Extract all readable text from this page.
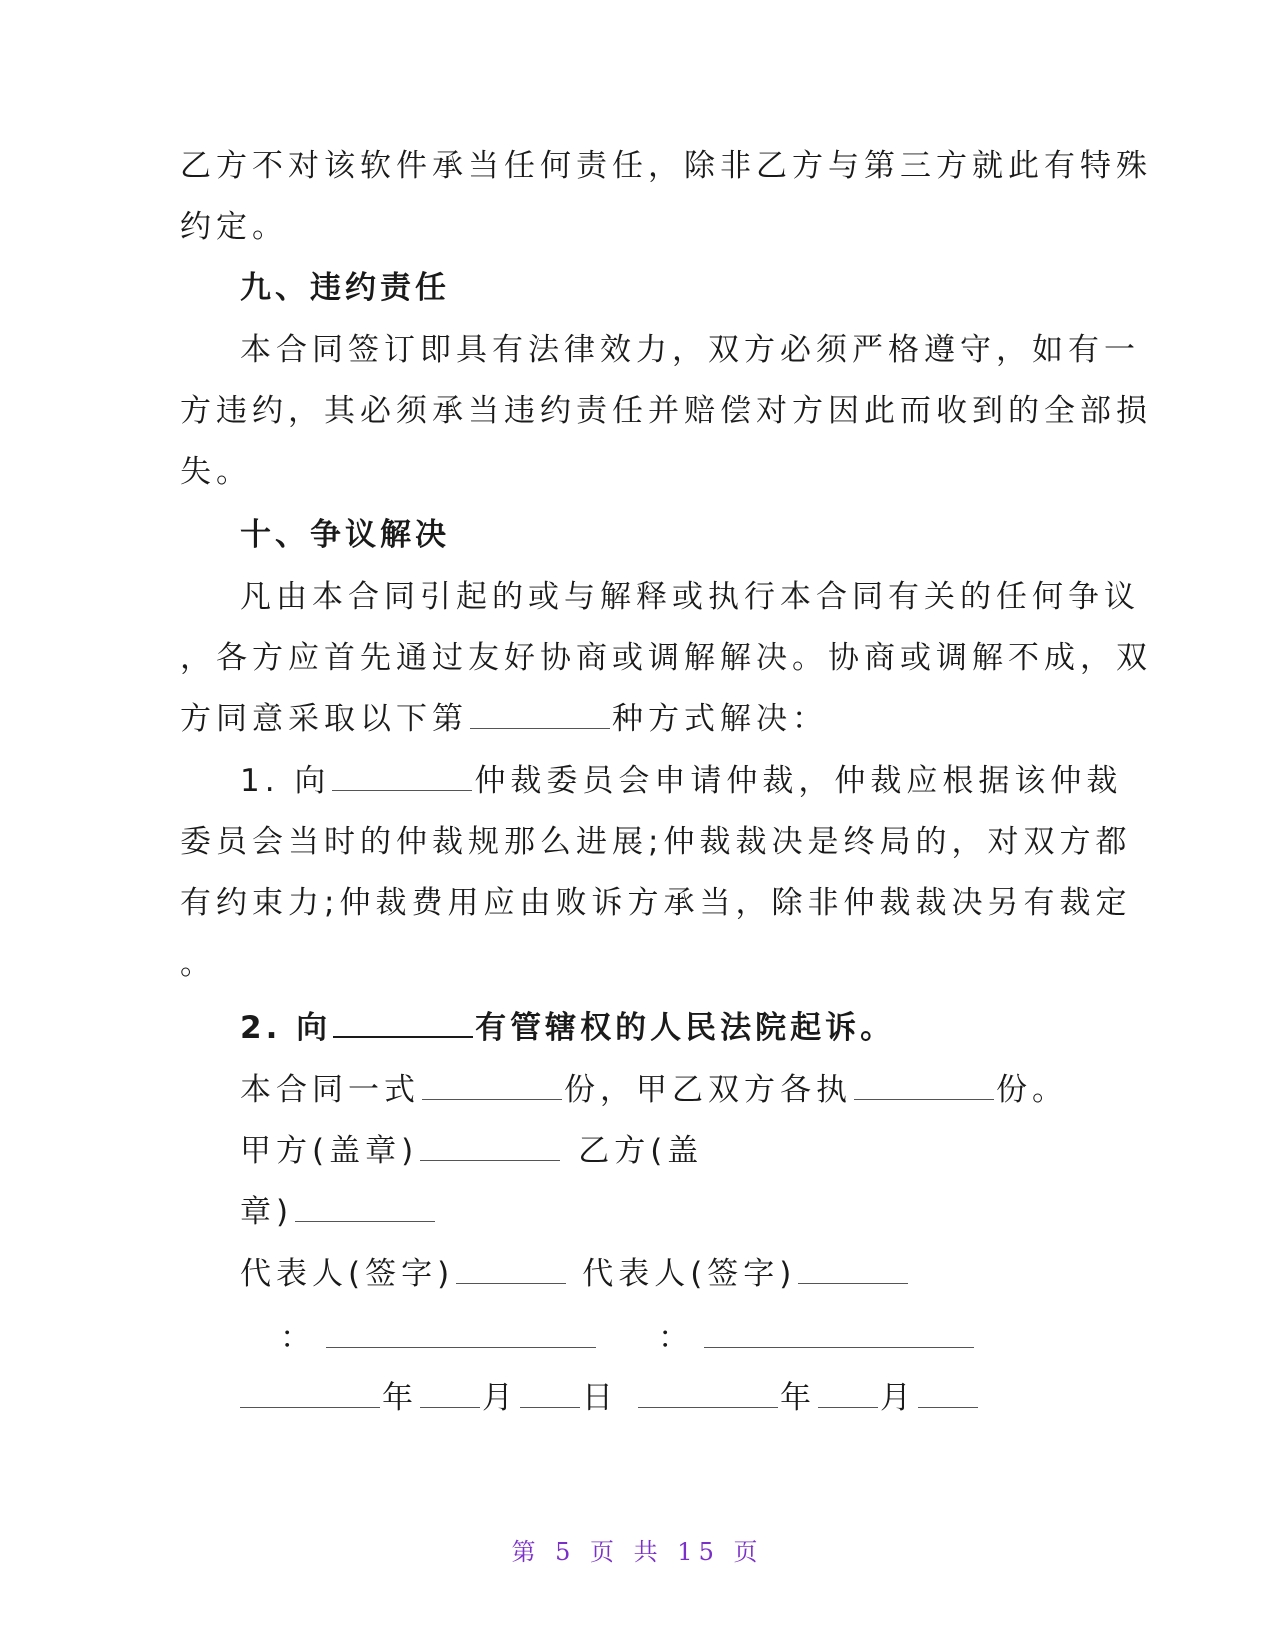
乙方不对该软件承当任何责任，除非乙方与第三方就此有特殊
约定。
九、违约责任
本合同签订即具有法律效力，双方必须严格遵守，如有一
方违约，其必须承当违约责任并赔偿对方因此而收到的全部损
失。
十、争议解决
凡由本合同引起的或与解释或执行本合同有关的任何争议
，各方应首先通过友好协商或调解解决。协商或调解不成，双
方同意采取以下第	种方式解决：
1. 向	仲裁委员会申请仲裁，仲裁应根据该仲裁
委员会当时的仲裁规那么进展;仲裁裁决是终局的，对双方都
有约束力;仲裁费用应由败诉方承当，除非仲裁裁决另有裁定
。
2. 向	有管辖权的人民法院起诉。
本合同一式	份，甲乙双方各执	份。
甲方(盖章)	乙方(盖
章)
代表人(签字)	代表人(签字)
：	：
年 月 日	年 月
第 5 页 共 15 页
